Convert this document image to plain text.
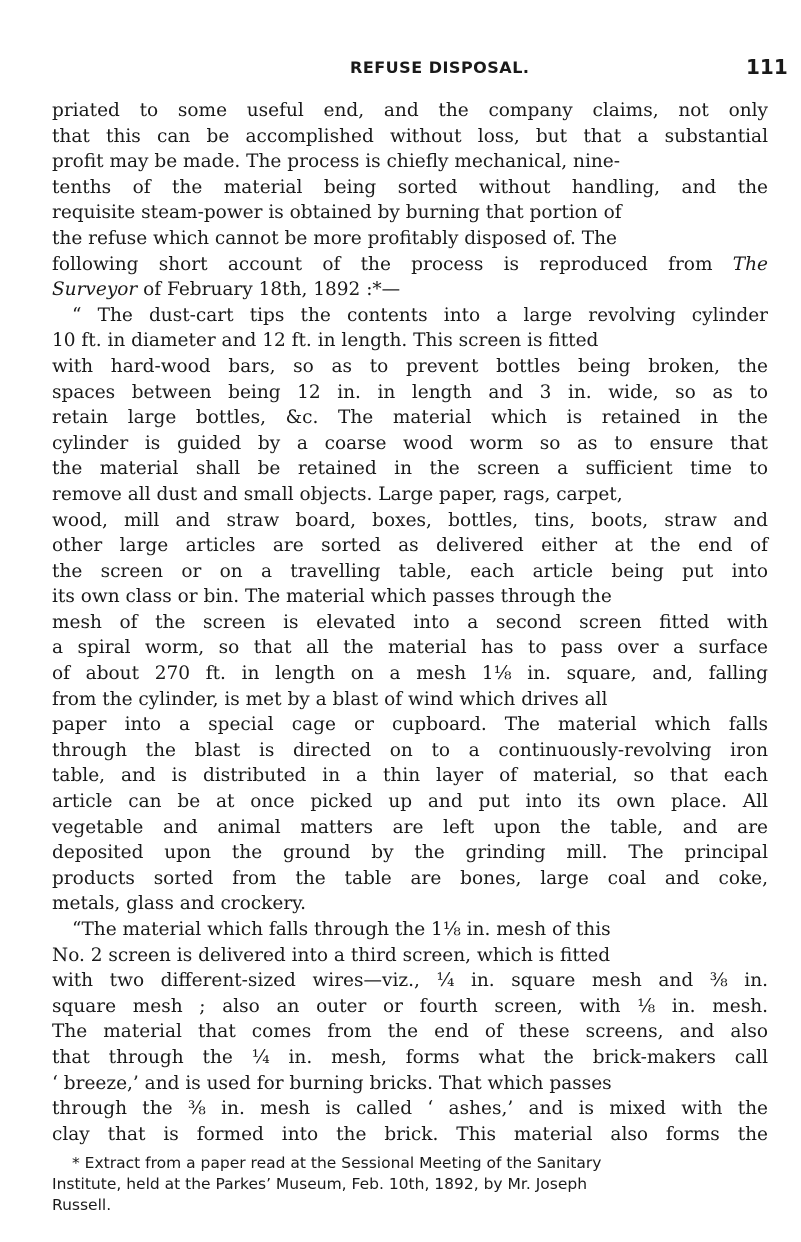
REFUSE DISPOSAL.	111
priated to some useful end, and the company claims, not only
that this can be accomplished without loss, but that a substantial
profit may be made. The process is chiefly mechanical, nine-
tenths of the material being sorted without handling, and the
requisite steam-power is obtained by burning that portion of
the refuse which cannot be more profitably disposed of. The
following short account of the process is reproduced from The
Surveyor of February 18th, 1892 :*—
“ The dust-cart tips the contents into a large revolving cylinder
10 ft. in diameter and 12 ft. in length. This screen is fitted
with hard-wood bars, so as to prevent bottles being broken, the
spaces between being 12 in. in length and 3 in. wide, so as to
retain large bottles, &c. The material which is retained in the
cylinder is guided by a coarse wood worm so as to ensure that
the material shall be retained in the screen a sufficient time to
remove all dust and small objects. Large paper, rags, carpet,
wood, mill and straw board, boxes, bottles, tins, boots, straw and
other large articles are sorted as delivered either at the end of
the screen or on a travelling table, each article being put into
its own class or bin. The material which passes through the
mesh of the screen is elevated into a second screen fitted with
a spiral worm, so that all the material has to pass over a surface
of about 270 ft. in length on a mesh 1⅛ in. square, and, falling
from the cylinder, is met by a blast of wind which drives all
paper into a special cage or cupboard. The material which falls
through the blast is directed on to a continuously-revolving iron
table, and is distributed in a thin layer of material, so that each
article can be at once picked up and put into its own place. All
vegetable and animal matters are left upon the table, and are
deposited upon the ground by the grinding mill. The principal
products sorted from the table are bones, large coal and coke,
metals, glass and crockery.
“The material which falls through the 1⅛ in. mesh of this
No. 2 screen is delivered into a third screen, which is fitted
with two different-sized wires—viz., ¼ in. square mesh and ⅜ in.
square mesh ; also an outer or fourth screen, with ⅛ in. mesh.
The material that comes from the end of these screens, and also
that through the ¼ in. mesh, forms what the brick-makers call
‘ breeze,’ and is used for burning bricks. That which passes
through the ⅜ in. mesh is called ‘ ashes,’ and is mixed with the
clay that is formed into the brick. This material also forms the
* Extract from a paper read at the Sessional Meeting of the Sanitary
Institute, held at the Parkes’ Museum, Feb. 10th, 1892, by Mr. Joseph
Russell.
